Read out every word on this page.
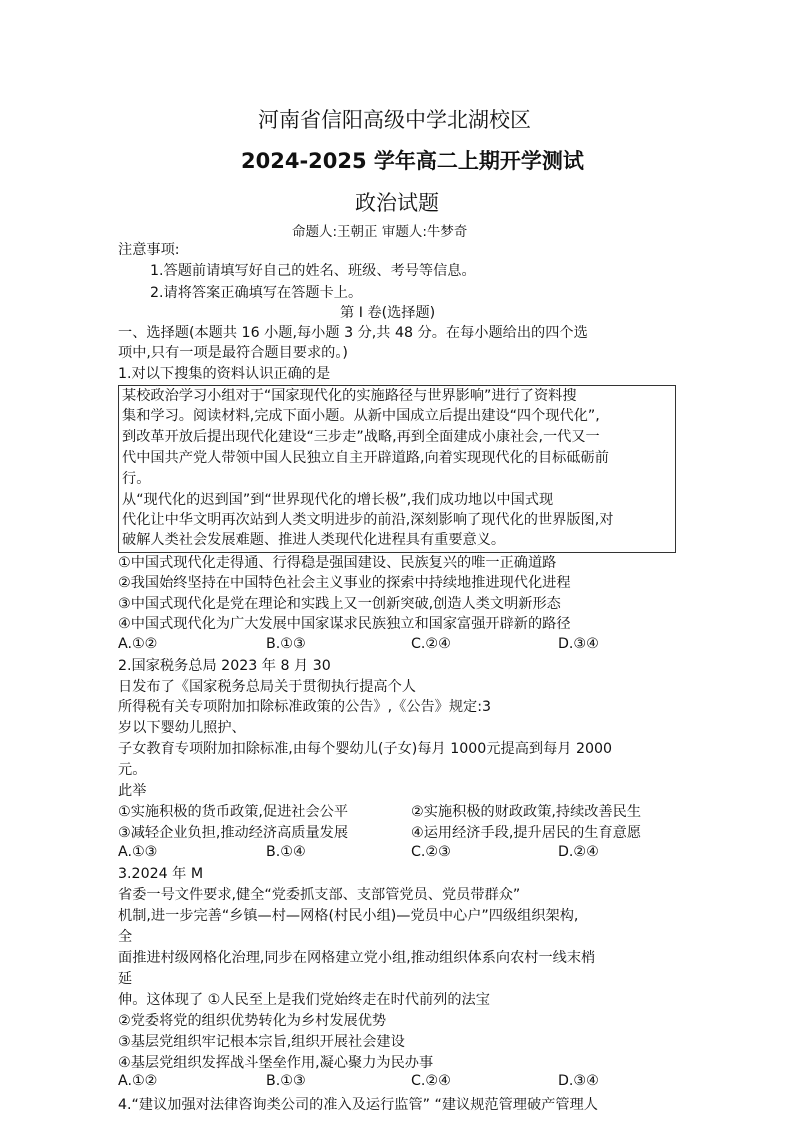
河南省信阳高级中学北湖校区
2024-2025 学年高二上期开学测试
政治试题
命题人:王朝正 审题人:牛梦奇
注意事项:
1.答题前请填写好自己的姓名、班级、考号等信息。
2.请将答案正确填写在答题卡上。
第 I 卷(选择题)
一、选择题(本题共 16 小题,每小题 3 分,共 48 分。在每小题给出的四个选
项中,只有一项是最符合题目要求的。)
1.对以下搜集的资料认识正确的是
某校政治学习小组对于“国家现代化的实施路径与世界影响”进行了资料搜
集和学习。阅读材料,完成下面小题。从新中国成立后提出建设“四个现代化”,
到改革开放后提出现代化建设“三步走”战略,再到全面建成小康社会,一代又一
代中国共产党人带领中国人民独立自主开辟道路,向着实现现代化的目标砥砺前
行。
从“现代化的迟到国”到“世界现代化的增长极”,我们成功地以中国式现
代化让中华文明再次站到人类文明进步的前沿,深刻影响了现代化的世界版图,对
破解人类社会发展难题、推进人类现代化进程具有重要意义。
①中国式现代化走得通、行得稳是强国建设、民族复兴的唯一正确道路
②我国始终坚持在中国特色社会主义事业的探索中持续地推进现代化进程
③中国式现代化是党在理论和实践上又一创新突破,创造人类文明新形态
④中国式现代化为广大发展中国家谋求民族独立和国家富强开辟新的路径
A.①②	B.①③	C.②④	D.③④
2.国家税务总局 2023 年 8 月 30
日发布了《国家税务总局关于贯彻执行提高个人
所得税有关专项附加扣除标准政策的公告》,《公告》规定:3
岁以下婴幼儿照护、
子女教育专项附加扣除标准,由每个婴幼儿(子女)每月 1000元提高到每月 2000
元。
此举
①实施积极的货币政策,促进社会公平	②实施积极的财政政策,持续改善民生
③减轻企业负担,推动经济高质量发展	④运用经济手段,提升居民的生育意愿
A.①③	B.①④	C.②③	D.②④
3.2024 年 M
省委一号文件要求,健全“党委抓支部、支部管党员、党员带群众”
机制,进一步完善“乡镇—村—网格(村民小组)—党员中心户”四级组织架构,
全
面推进村级网格化治理,同步在网格建立党小组,推动组织体系向农村一线末梢
延
伸。这体现了 ①人民至上是我们党始终走在时代前列的法宝
②党委将党的组织优势转化为乡村发展优势
③基层党组织牢记根本宗旨,组织开展社会建设
④基层党组织发挥战斗堡垒作用,凝心聚力为民办事
A.①②	B.①③	C.②④	D.③④
4.“建议加强对法律咨询类公司的准入及运行监管” “建议规范管理破产管理人
